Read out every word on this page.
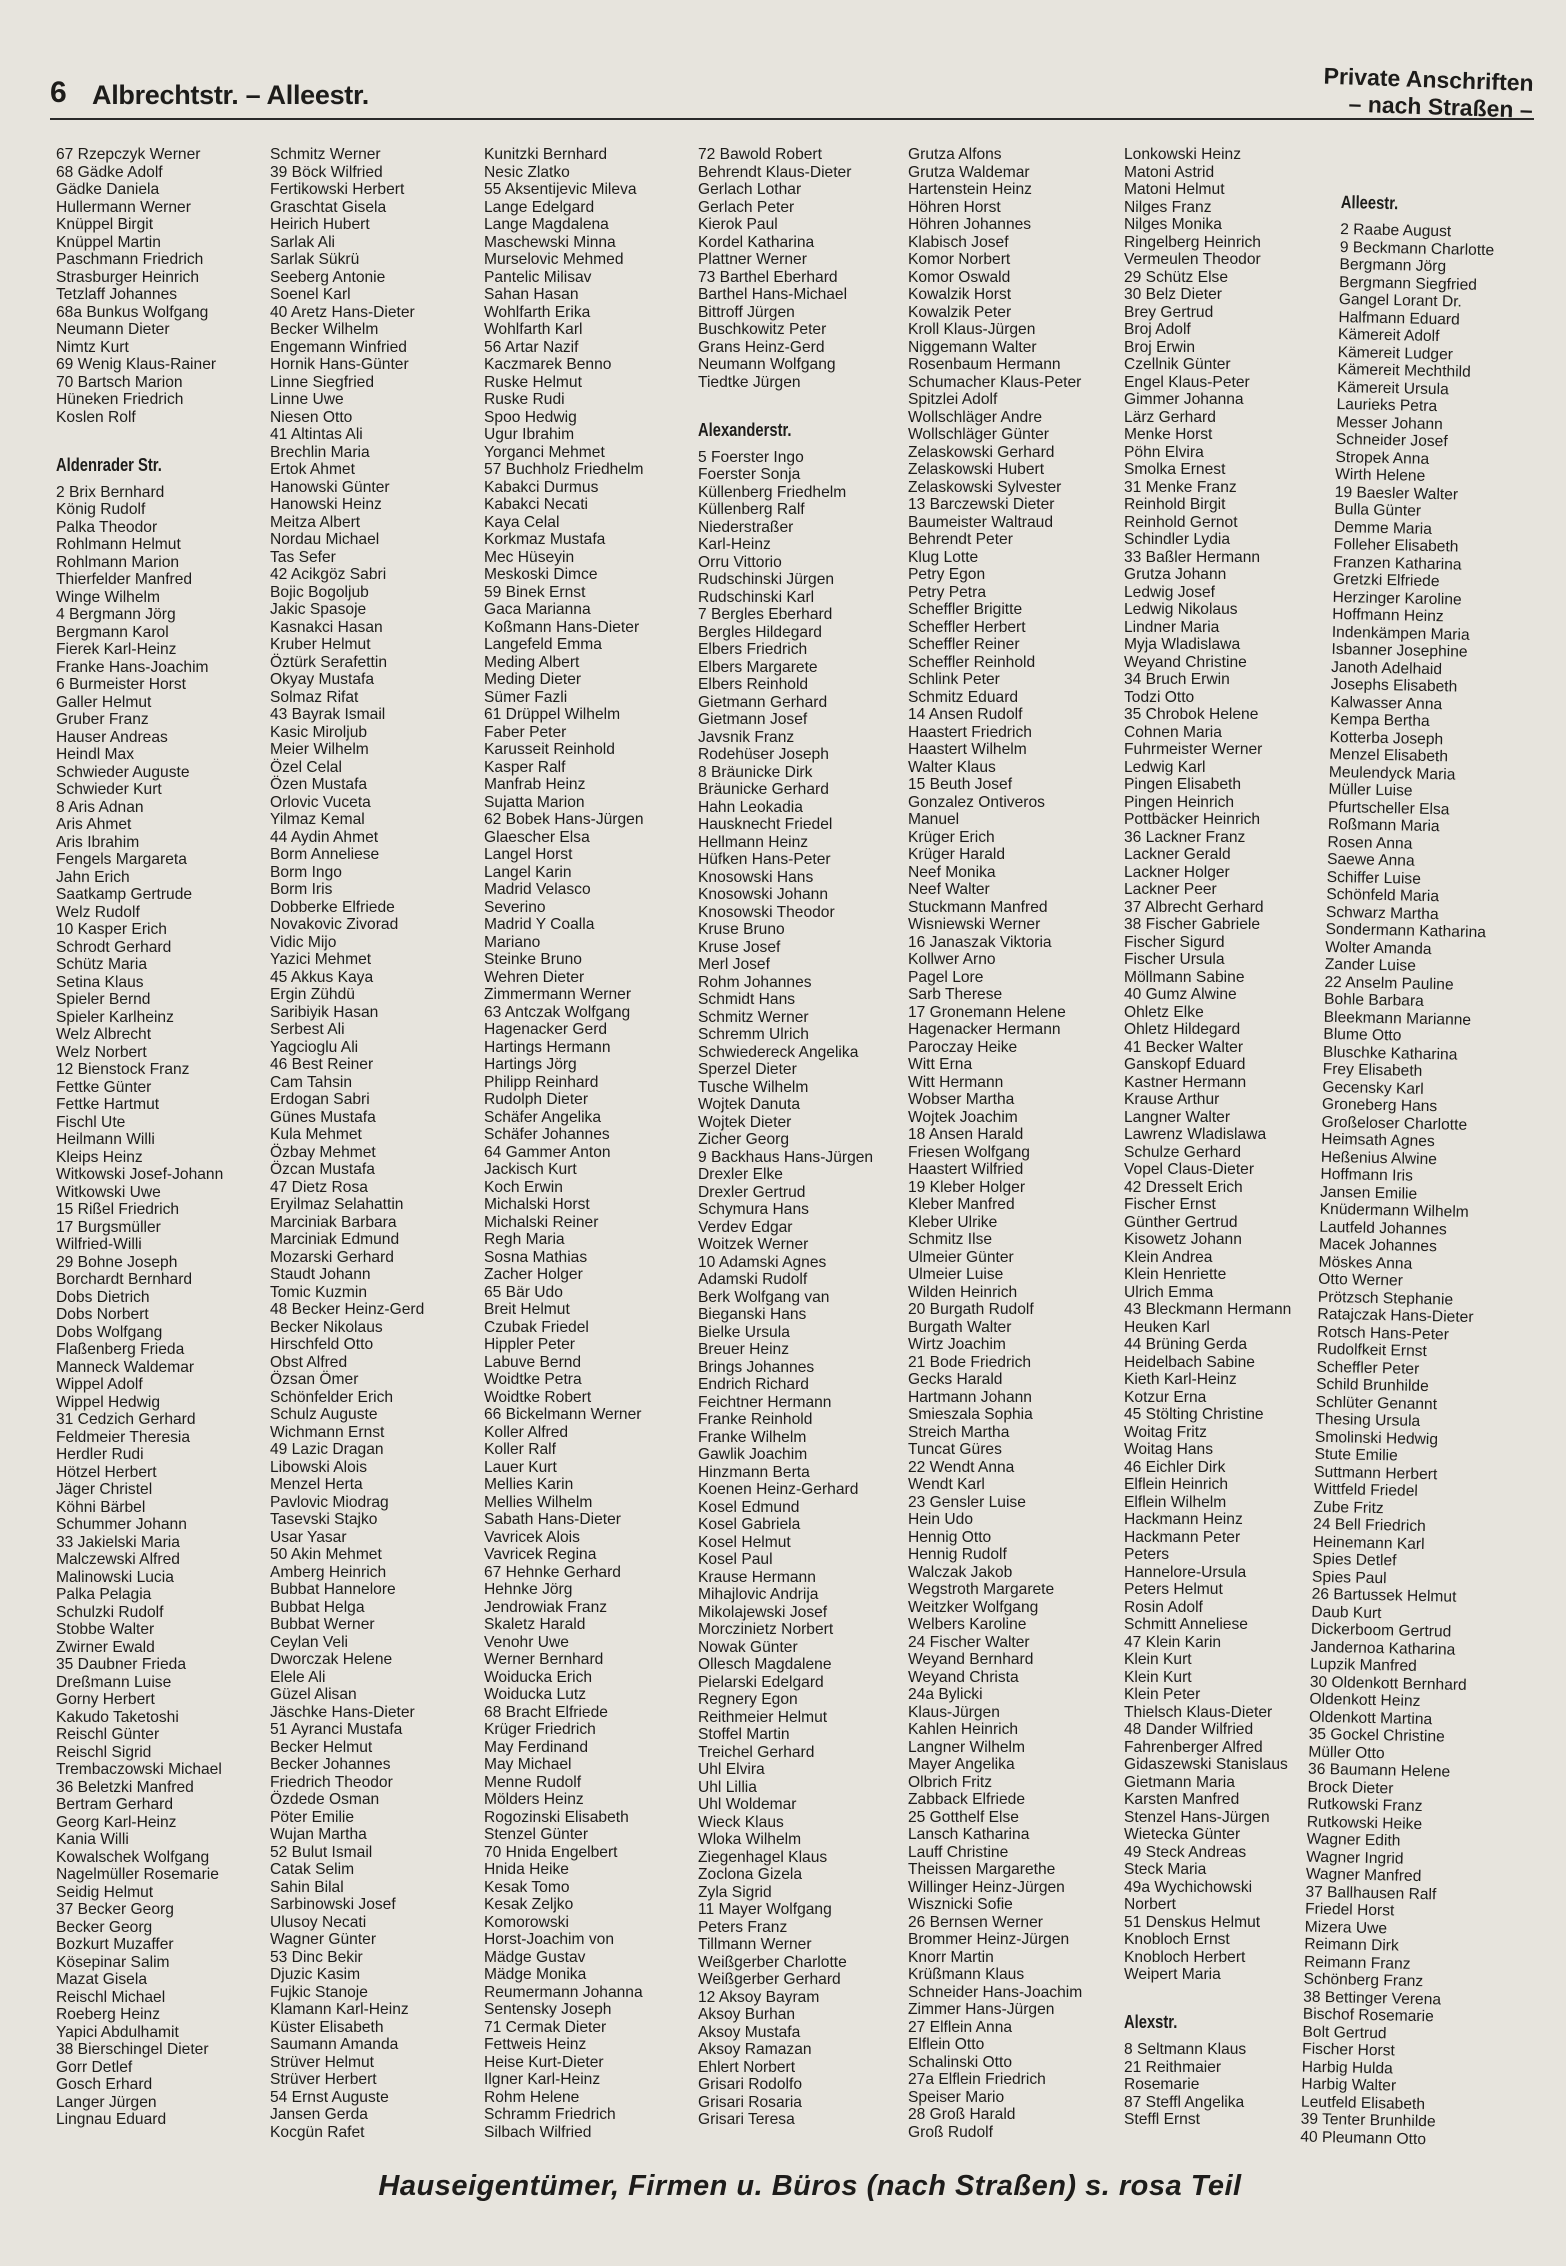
6 Albrechtstr. – Alleestr.	Private Anschriften
– nach Straßen –
67 Rzepczyk Werner
68 Gädke Adolf
Gädke Daniela
Hullermann Werner
Knüppel Birgit
Knüppel Martin
Paschmann Friedrich
Strasburger Heinrich
Tetzlaff Johannes
68a Bunkus Wolfgang
Neumann Dieter
Nimtz Kurt
69 Wenig Klaus-Rainer
70 Bartsch Marion
Hüneken Friedrich
Koslen Rolf
Aldenrader Str.
2 Brix Bernhard
König Rudolf
Palka Theodor
Rohlmann Helmut
Rohlmann Marion
Thierfelder Manfred
Winge Wilhelm
4 Bergmann Jörg
Bergmann Karol
Fierek Karl-Heinz
Franke Hans-Joachim
6 Burmeister Horst
Galler Helmut
Gruber Franz
Hauser Andreas
Heindl Max
Schwieder Auguste
Schwieder Kurt
8 Aris Adnan
Aris Ahmet
Aris Ibrahim
Fengels Margareta
Jahn Erich
Saatkamp Gertrude
Welz Rudolf
10 Kasper Erich
Schrodt Gerhard
Schütz Maria
Setina Klaus
Spieler Bernd
Spieler Karlheinz
Welz Albrecht
Welz Norbert
12 Bienstock Franz
Fettke Günter
Fettke Hartmut
Fischl Ute
Heilmann Willi
Kleips Heinz
Witkowski Josef-Johann
Witkowski Uwe
15 Rißel Friedrich
17 Burgsmüller
Wilfried-Willi
29 Bohne Joseph
Borchardt Bernhard
Dobs Dietrich
Dobs Norbert
Dobs Wolfgang
Flaßenberg Frieda
Manneck Waldemar
Wippel Adolf
Wippel Hedwig
31 Cedzich Gerhard
Feldmeier Theresia
Herdler Rudi
Hötzel Herbert
Jäger Christel
Köhni Bärbel
Schummer Johann
33 Jakielski Maria
Malczewski Alfred
Malinowski Lucia
Palka Pelagia
Schulzki Rudolf
Stobbe Walter
Zwirner Ewald
35 Daubner Frieda
Dreßmann Luise
Gorny Herbert
Kakudo Taketoshi
Reischl Günter
Reischl Sigrid
Trembaczowski Michael
36 Beletzki Manfred
Bertram Gerhard
Georg Karl-Heinz
Kania Willi
Kowalschek Wolfgang
Nagelmüller Rosemarie
Seidig Helmut
37 Becker Georg
Becker Georg
Bozkurt Muzaffer
Kösepinar Salim
Mazat Gisela
Reischl Michael
Roeberg Heinz
Yapici Abdulhamit
38 Bierschingel Dieter
Gorr Detlef
Gosch Erhard
Langer Jürgen
Lingnau Eduard
Schmitz Werner
39 Böck Wilfried
Fertikowski Herbert
Graschtat Gisela
Heirich Hubert
Sarlak Ali
Sarlak Sükrü
Seeberg Antonie
Soenel Karl
40 Aretz Hans-Dieter
Becker Wilhelm
Engemann Winfried
Hornik Hans-Günter
Linne Siegfried
Linne Uwe
Niesen Otto
41 Altintas Ali
Brechlin Maria
Ertok Ahmet
Hanowski Günter
Hanowski Heinz
Meitza Albert
Nordau Michael
Tas Sefer
42 Acikgöz Sabri
Bojic Bogoljub
Jakic Spasoje
Kasnakci Hasan
Kruber Helmut
Öztürk Serafettin
Okyay Mustafa
Solmaz Rifat
43 Bayrak Ismail
Kasic Miroljub
Meier Wilhelm
Özel Celal
Özen Mustafa
Orlovic Vuceta
Yilmaz Kemal
44 Aydin Ahmet
Borm Anneliese
Borm Ingo
Borm Iris
Dobberke Elfriede
Novakovic Zivorad
Vidic Mijo
Yazici Mehmet
45 Akkus Kaya
Ergin Zühdü
Saribiyik Hasan
Serbest Ali
Yagcioglu Ali
46 Best Reiner
Cam Tahsin
Erdogan Sabri
Günes Mustafa
Kula Mehmet
Özbay Mehmet
Özcan Mustafa
47 Dietz Rosa
Eryilmaz Selahattin
Marciniak Barbara
Marciniak Edmund
Mozarski Gerhard
Staudt Johann
Tomic Kuzmin
48 Becker Heinz-Gerd
Becker Nikolaus
Hirschfeld Otto
Obst Alfred
Özsan Ömer
Schönfelder Erich
Schulz Auguste
Wichmann Ernst
49 Lazic Dragan
Libowski Alois
Menzel Herta
Pavlovic Miodrag
Tasevski Stajko
Usar Yasar
50 Akin Mehmet
Amberg Heinrich
Bubbat Hannelore
Bubbat Helga
Bubbat Werner
Ceylan Veli
Dworczak Helene
Elele Ali
Güzel Alisan
Jäschke Hans-Dieter
51 Ayranci Mustafa
Becker Helmut
Becker Johannes
Friedrich Theodor
Özdede Osman
Pöter Emilie
Wujan Martha
52 Bulut Ismail
Catak Selim
Sahin Bilal
Sarbinowski Josef
Ulusoy Necati
Wagner Günter
53 Dinc Bekir
Djuzic Kasim
Fujkic Stanoje
Klamann Karl-Heinz
Küster Elisabeth
Saumann Amanda
Strüver Helmut
Strüver Herbert
54 Ernst Auguste
Jansen Gerda
Kocgün Rafet
Kunitzki Bernhard
Nesic Zlatko
55 Aksentijevic Mileva
Lange Edelgard
Lange Magdalena
Maschewski Minna
Murselovic Mehmed
Pantelic Milisav
Sahan Hasan
Wohlfarth Erika
Wohlfarth Karl
56 Artar Nazif
Kaczmarek Benno
Ruske Helmut
Ruske Rudi
Spoo Hedwig
Ugur Ibrahim
Yorganci Mehmet
57 Buchholz Friedhelm
Kabakci Durmus
Kabakci Necati
Kaya Celal
Korkmaz Mustafa
Mec Hüseyin
Meskoski Dimce
59 Binek Ernst
Gaca Marianna
Koßmann Hans-Dieter
Langefeld Emma
Meding Albert
Meding Dieter
Sümer Fazli
61 Drüppel Wilhelm
Faber Peter
Karusseit Reinhold
Kasper Ralf
Manfrab Heinz
Sujatta Marion
62 Bobek Hans-Jürgen
Glaescher Elsa
Langel Horst
Langel Karin
Madrid Velasco
Severino
Madrid Y Coalla
Mariano
Steinke Bruno
Wehren Dieter
Zimmermann Werner
63 Antczak Wolfgang
Hagenacker Gerd
Hartings Hermann
Hartings Jörg
Philipp Reinhard
Rudolph Dieter
Schäfer Angelika
Schäfer Johannes
64 Gammer Anton
Jackisch Kurt
Koch Erwin
Michalski Horst
Michalski Reiner
Regh Maria
Sosna Mathias
Zacher Holger
65 Bär Udo
Breit Helmut
Czubak Friedel
Hippler Peter
Labuve Bernd
Woidtke Petra
Woidtke Robert
66 Bickelmann Werner
Koller Alfred
Koller Ralf
Lauer Kurt
Mellies Karin
Mellies Wilhelm
Sabath Hans-Dieter
Vavricek Alois
Vavricek Regina
67 Hehnke Gerhard
Hehnke Jörg
Jendrowiak Franz
Skaletz Harald
Venohr Uwe
Werner Bernhard
Woiducka Erich
Woiducka Lutz
68 Bracht Elfriede
Krüger Friedrich
May Ferdinand
May Michael
Menne Rudolf
Mölders Heinz
Rogozinski Elisabeth
Stenzel Günter
70 Hnida Engelbert
Hnida Heike
Kesak Tomo
Kesak Zeljko
Komorowski
Horst-Joachim von
Mädge Gustav
Mädge Monika
Reumermann Johanna
Sentensky Joseph
71 Cermak Dieter
Fettweis Heinz
Heise Kurt-Dieter
Ilgner Karl-Heinz
Rohm Helene
Schramm Friedrich
Silbach Wilfried
72 Bawold Robert
Behrendt Klaus-Dieter
Gerlach Lothar
Gerlach Peter
Kierok Paul
Kordel Katharina
Plattner Werner
73 Barthel Eberhard
Barthel Hans-Michael
Bittroff Jürgen
Buschkowitz Peter
Grans Heinz-Gerd
Neumann Wolfgang
Tiedtke Jürgen
Alexanderstr.
5 Foerster Ingo
Foerster Sonja
Küllenberg Friedhelm
Küllenberg Ralf
Niederstraßer
Karl-Heinz
Orru Vittorio
Rudschinski Jürgen
Rudschinski Karl
7 Bergles Eberhard
Bergles Hildegard
Elbers Friedrich
Elbers Margarete
Elbers Reinhold
Gietmann Gerhard
Gietmann Josef
Javsnik Franz
Rodehüser Joseph
8 Bräunicke Dirk
Bräunicke Gerhard
Hahn Leokadia
Hausknecht Friedel
Hellmann Heinz
Hüfken Hans-Peter
Knosowski Hans
Knosowski Johann
Knosowski Theodor
Kruse Bruno
Kruse Josef
Merl Josef
Rohm Johannes
Schmidt Hans
Schmitz Werner
Schremm Ulrich
Schwiedereck Angelika
Sperzel Dieter
Tusche Wilhelm
Wojtek Danuta
Wojtek Dieter
Zicher Georg
9 Backhaus Hans-Jürgen
Drexler Elke
Drexler Gertrud
Schymura Hans
Verdev Edgar
Woitzek Werner
10 Adamski Agnes
Adamski Rudolf
Berk Wolfgang van
Bieganski Hans
Bielke Ursula
Breuer Heinz
Brings Johannes
Endrich Richard
Feichtner Hermann
Franke Reinhold
Franke Wilhelm
Gawlik Joachim
Hinzmann Berta
Koenen Heinz-Gerhard
Kosel Edmund
Kosel Gabriela
Kosel Helmut
Kosel Paul
Krause Hermann
Mihajlovic Andrija
Mikolajewski Josef
Morczinietz Norbert
Nowak Günter
Ollesch Magdalene
Pielarski Edelgard
Regnery Egon
Reithmeier Helmut
Stoffel Martin
Treichel Gerhard
Uhl Elvira
Uhl Lillia
Uhl Woldemar
Wieck Klaus
Wloka Wilhelm
Ziegenhagel Klaus
Zoclona Gizela
Zyla Sigrid
11 Mayer Wolfgang
Peters Franz
Tillmann Werner
Weißgerber Charlotte
Weißgerber Gerhard
12 Aksoy Bayram
Aksoy Burhan
Aksoy Mustafa
Aksoy Ramazan
Ehlert Norbert
Grisari Rodolfo
Grisari Rosaria
Grisari Teresa
Grutza Alfons
Grutza Waldemar
Hartenstein Heinz
Höhren Horst
Höhren Johannes
Klabisch Josef
Komor Norbert
Komor Oswald
Kowalzik Horst
Kowalzik Peter
Kroll Klaus-Jürgen
Niggemann Walter
Rosenbaum Hermann
Schumacher Klaus-Peter
Spitzlei Adolf
Wollschläger Andre
Wollschläger Günter
Zelaskowski Gerhard
Zelaskowski Hubert
Zelaskowski Sylvester
13 Barczewski Dieter
Baumeister Waltraud
Behrendt Peter
Klug Lotte
Petry Egon
Petry Petra
Scheffler Brigitte
Scheffler Herbert
Scheffler Reiner
Scheffler Reinhold
Schlink Peter
Schmitz Eduard
14 Ansen Rudolf
Haastert Friedrich
Haastert Wilhelm
Walter Klaus
15 Beuth Josef
Gonzalez Ontiveros
Manuel
Krüger Erich
Krüger Harald
Neef Monika
Neef Walter
Stuckmann Manfred
Wisniewski Werner
16 Janaszak Viktoria
Kollwer Arno
Pagel Lore
Sarb Therese
17 Gronemann Helene
Hagenacker Hermann
Paroczay Heike
Witt Erna
Witt Hermann
Wobser Martha
Wojtek Joachim
18 Ansen Harald
Friesen Wolfgang
Haastert Wilfried
19 Kleber Holger
Kleber Manfred
Kleber Ulrike
Schmitz Ilse
Ulmeier Günter
Ulmeier Luise
Wilden Heinrich
20 Burgath Rudolf
Burgath Walter
Wirtz Joachim
21 Bode Friedrich
Gecks Harald
Hartmann Johann
Smieszala Sophia
Streich Martha
Tuncat Güres
22 Wendt Anna
Wendt Karl
23 Gensler Luise
Hein Udo
Hennig Otto
Hennig Rudolf
Walczak Jakob
Wegstroth Margarete
Weitzker Wolfgang
Welbers Karoline
24 Fischer Walter
Weyand Bernhard
Weyand Christa
24a Bylicki
Klaus-Jürgen
Kahlen Heinrich
Langner Wilhelm
Mayer Angelika
Olbrich Fritz
Zabback Elfriede
25 Gotthelf Else
Lansch Katharina
Lauff Christine
Theissen Margarethe
Willinger Heinz-Jürgen
Wisznicki Sofie
26 Bernsen Werner
Brommer Heinz-Jürgen
Knorr Martin
Krüßmann Klaus
Schneider Hans-Joachim
Zimmer Hans-Jürgen
27 Elflein Anna
Elflein Otto
Schalinski Otto
27a Elflein Friedrich
Speiser Mario
28 Groß Harald
Groß Rudolf
Lonkowski Heinz
Matoni Astrid
Matoni Helmut
Nilges Franz
Nilges Monika
Ringelberg Heinrich
Vermeulen Theodor
29 Schütz Else
30 Belz Dieter
Brey Gertrud
Broj Adolf
Broj Erwin
Czellnik Günter
Engel Klaus-Peter
Gimmer Johanna
Lärz Gerhard
Menke Horst
Pöhn Elvira
Smolka Ernest
31 Menke Franz
Reinhold Birgit
Reinhold Gernot
Schindler Lydia
33 Baßler Hermann
Grutza Johann
Ledwig Josef
Ledwig Nikolaus
Lindner Maria
Myja Wladislawa
Weyand Christine
34 Bruch Erwin
Todzi Otto
35 Chrobok Helene
Cohnen Maria
Fuhrmeister Werner
Ledwig Karl
Pingen Elisabeth
Pingen Heinrich
Pottbäcker Heinrich
36 Lackner Franz
Lackner Gerald
Lackner Holger
Lackner Peer
37 Albrecht Gerhard
38 Fischer Gabriele
Fischer Sigurd
Fischer Ursula
Möllmann Sabine
40 Gumz Alwine
Ohletz Elke
Ohletz Hildegard
41 Becker Walter
Ganskopf Eduard
Kastner Hermann
Krause Arthur
Langner Walter
Lawrenz Wladislawa
Schulze Gerhard
Vopel Claus-Dieter
42 Dresselt Erich
Fischer Ernst
Günther Gertrud
Kisowetz Johann
Klein Andrea
Klein Henriette
Ulrich Emma
43 Bleckmann Hermann
Heuken Karl
44 Brüning Gerda
Heidelbach Sabine
Kieth Karl-Heinz
Kotzur Erna
45 Stölting Christine
Woitag Fritz
Woitag Hans
46 Eichler Dirk
Elflein Heinrich
Elflein Wilhelm
Hackmann Heinz
Hackmann Peter
Peters
Hannelore-Ursula
Peters Helmut
Rosin Adolf
Schmitt Anneliese
47 Klein Karin
Klein Kurt
Klein Kurt
Klein Peter
Thielsch Klaus-Dieter
48 Dander Wilfried
Fahrenberger Alfred
Gidaszewski Stanislaus
Gietmann Maria
Karsten Manfred
Stenzel Hans-Jürgen
Wietecka Günter
49 Steck Andreas
Steck Maria
49a Wychichowski
Norbert
51 Denskus Helmut
Knobloch Ernst
Knobloch Herbert
Weipert Maria
Alexstr.
8 Seltmann Klaus
21 Reithmaier
Rosemarie
87 Steffl Angelika
Steffl Ernst
Alleestr.
2 Raabe August
9 Beckmann Charlotte
Bergmann Jörg
Bergmann Siegfried
Gangel Lorant Dr.
Halfmann Eduard
Kämereit Adolf
Kämereit Ludger
Kämereit Mechthild
Kämereit Ursula
Laurieks Petra
Messer Johann
Schneider Josef
Stropek Anna
Wirth Helene
19 Baesler Walter
Bulla Günter
Demme Maria
Folleher Elisabeth
Franzen Katharina
Gretzki Elfriede
Herzinger Karoline
Hoffmann Heinz
Indenkämpen Maria
Isbanner Josephine
Janoth Adelhaid
Josephs Elisabeth
Kalwasser Anna
Kempa Bertha
Kotterba Joseph
Menzel Elisabeth
Meulendyck Maria
Müller Luise
Pfurtscheller Elsa
Roßmann Maria
Rosen Anna
Saewe Anna
Schiffer Luise
Schönfeld Maria
Schwarz Martha
Sondermann Katharina
Wolter Amanda
Zander Luise
22 Anselm Pauline
Bohle Barbara
Bleekmann Marianne
Blume Otto
Bluschke Katharina
Frey Elisabeth
Gecensky Karl
Groneberg Hans
Großeloser Charlotte
Heimsath Agnes
Heßenius Alwine
Hoffmann Iris
Jansen Emilie
Knüdermann Wilhelm
Lautfeld Johannes
Macek Johannes
Möskes Anna
Otto Werner
Prötzsch Stephanie
Ratajczak Hans-Dieter
Rotsch Hans-Peter
Rudolfkeit Ernst
Scheffler Peter
Schild Brunhilde
Schlüter Genannt
Thesing Ursula
Smolinski Hedwig
Stute Emilie
Suttmann Herbert
Wittfeld Friedel
Zube Fritz
24 Bell Friedrich
Heinemann Karl
Spies Detlef
Spies Paul
26 Bartussek Helmut
Daub Kurt
Dickerboom Gertrud
Jandernoa Katharina
Lupzik Manfred
30 Oldenkott Bernhard
Oldenkott Heinz
Oldenkott Martina
35 Gockel Christine
Müller Otto
36 Baumann Helene
Brock Dieter
Rutkowski Franz
Rutkowski Heike
Wagner Edith
Wagner Ingrid
Wagner Manfred
37 Ballhausen Ralf
Friedel Horst
Mizera Uwe
Reimann Dirk
Reimann Franz
Schönberg Franz
38 Bettinger Verena
Bischof Rosemarie
Bolt Gertrud
Fischer Horst
Harbig Hulda
Harbig Walter
Leutfeld Elisabeth
39 Tenter Brunhilde
40 Pleumann Otto
Hauseigentümer, Firmen u. Büros (nach Straßen) s. rosa Teil
